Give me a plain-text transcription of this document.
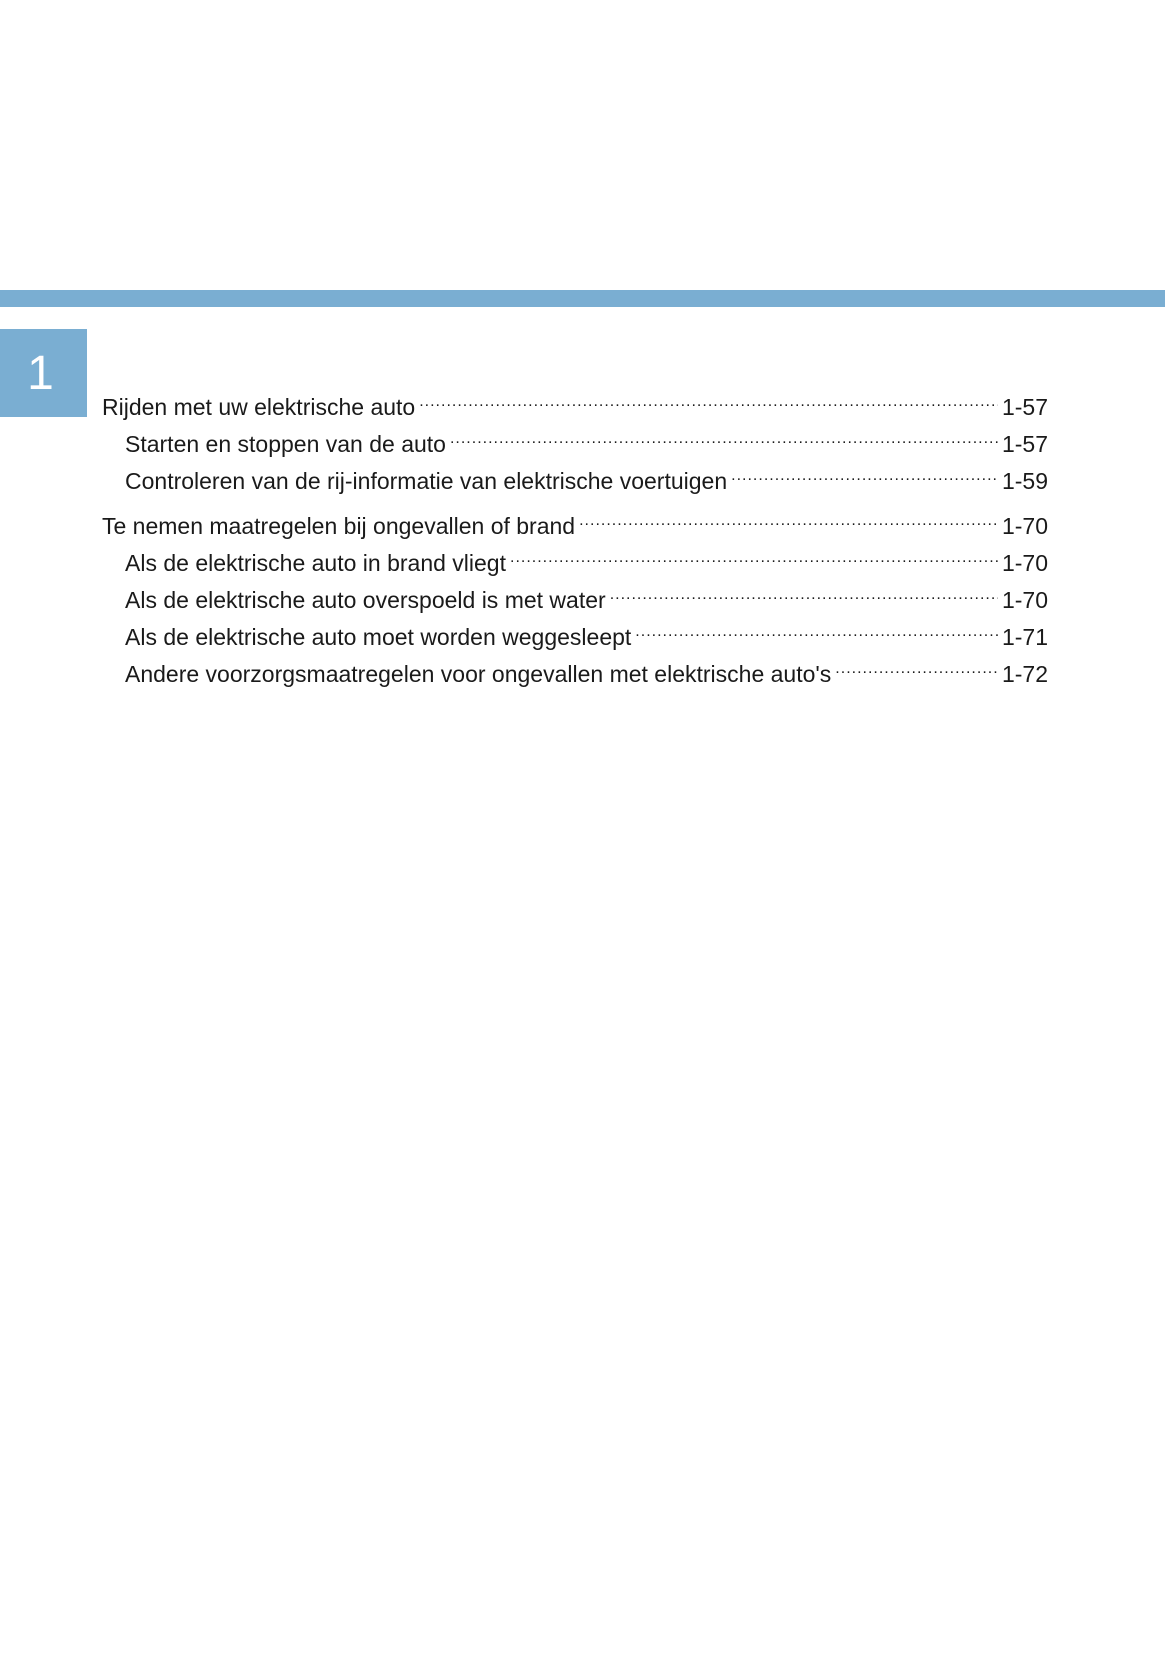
1
Rijden met uw elektrische auto .....	1-57
Starten en stoppen van de auto .....	1-57
Controleren van de rij-informatie van elektrische voertuigen .....	1-59
Te nemen maatregelen bij ongevallen of brand .....	1-70
Als de elektrische auto in brand vliegt .....	1-70
Als de elektrische auto overspoeld is met water .....	1-70
Als de elektrische auto moet worden weggesleept .....	1-71
Andere voorzorgsmaatregelen voor ongevallen met elektrische auto's .....	1-72
